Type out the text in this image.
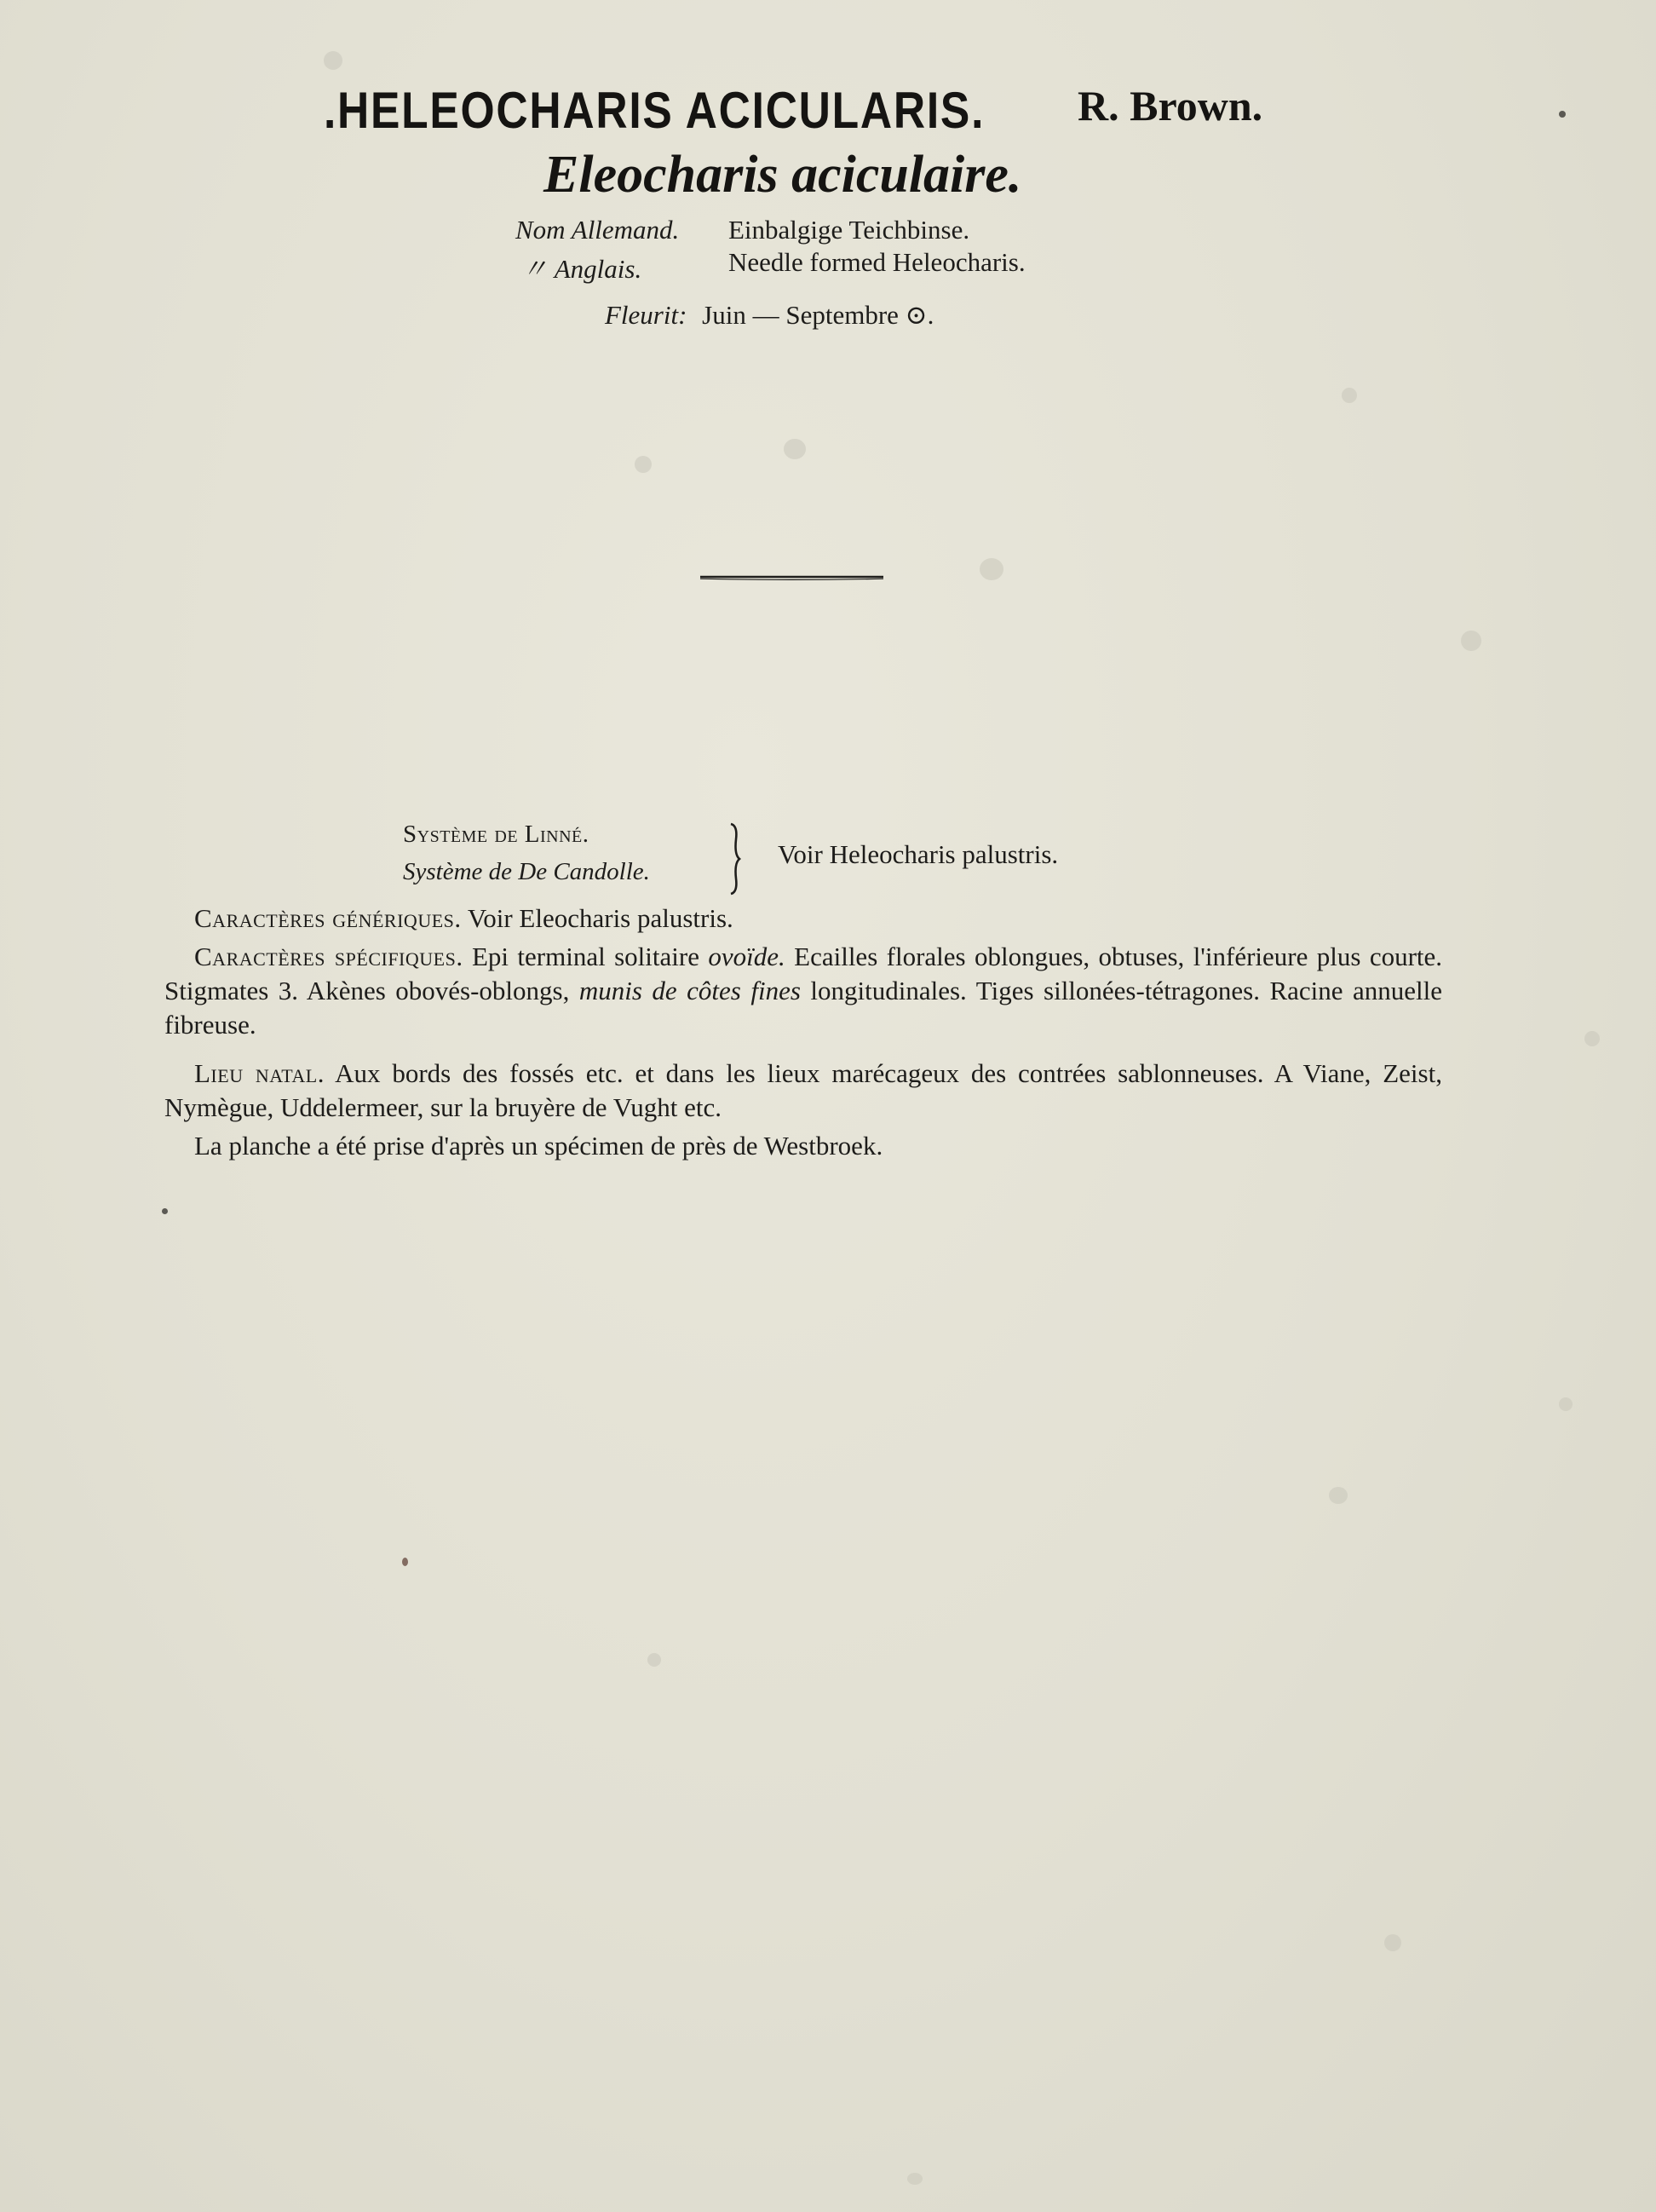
.HELEOCHARIS ACICULARIS. R. Brown.
Eleocharis aciculaire.
Nom Allemand. Einbalgige Teichbinse.
〃 Anglais.	Needle formed Heleocharis.
Fleurit: Juin — Septembre ⊙.
Système de Linné.
Système de De Candolle.
Voir Heleocharis palustris.
Caractères génériques. Voir Eleocharis palustris.
Caractères spécifiques. Epi terminal solitaire ovoïde. Ecailles florales oblongues, obtuses, l'inférieure plus courte. Stigmates 3. Akènes obovés-oblongs, munis de côtes fines longitudinales. Tiges sillonées-tétragones. Racine annuelle fibreuse.
Lieu natal. Aux bords des fossés etc. et dans les lieux marécageux des contrées sablonneuses. A Viane, Zeist, Nymègue, Uddelermeer, sur la bruyère de Vught etc.
La planche a été prise d'après un spécimen de près de Westbroek.
